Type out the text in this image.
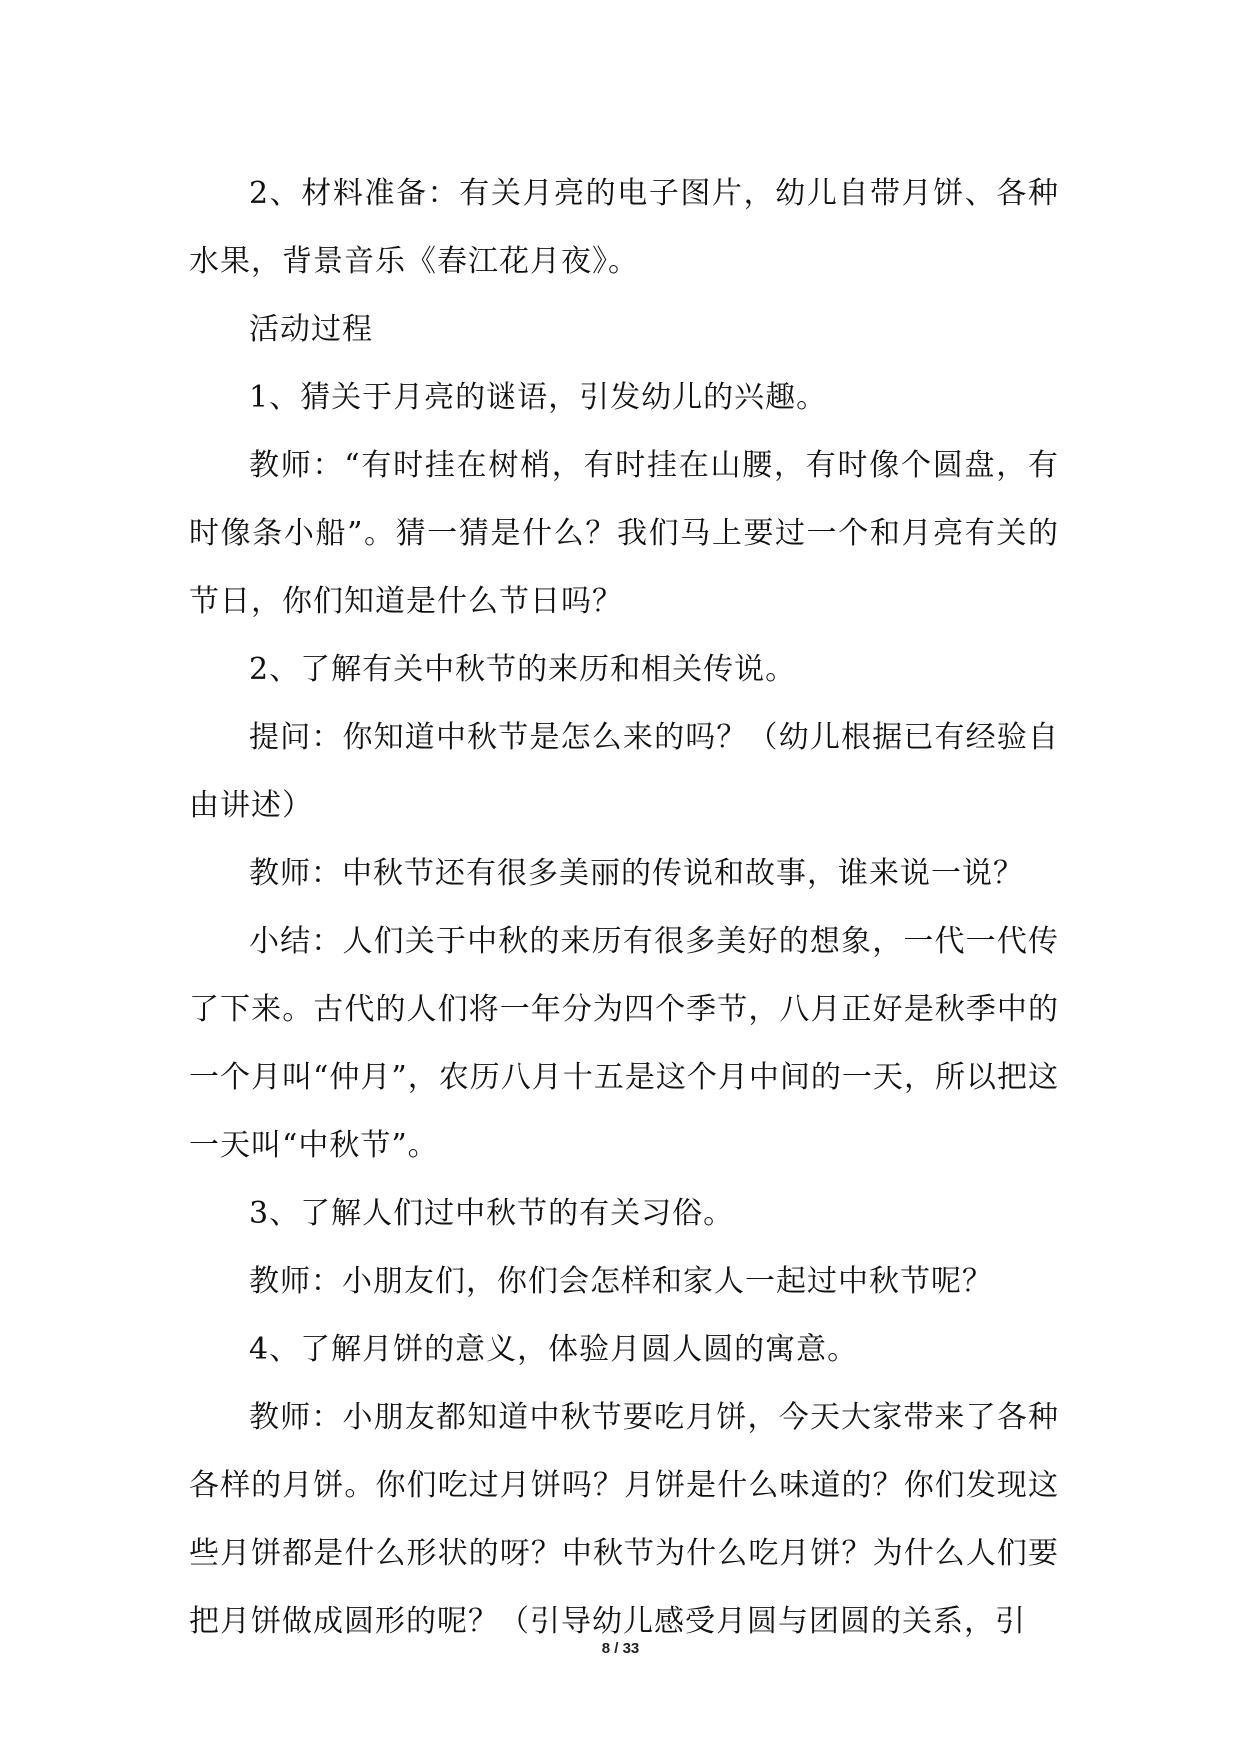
2、材料准备：有关月亮的电子图片，幼儿自带月饼、各种水果，背景音乐《春江花月夜》。

活动过程

1、猜关于月亮的谜语，引发幼儿的兴趣。

教师：“有时挂在树梢，有时挂在山腰，有时像个圆盘，有时像条小船”。猜一猜是什么？我们马上要过一个和月亮有关的节日，你们知道是什么节日吗？

2、了解有关中秋节的来历和相关传说。

提问：你知道中秋节是怎么来的吗？（幼儿根据已有经验自由讲述）

教师：中秋节还有很多美丽的传说和故事，谁来说一说？

小结：人们关于中秋的来历有很多美好的想象，一代一代传了下来。古代的人们将一年分为四个季节，八月正好是秋季中的一个月叫“仲月”，农历八月十五是这个月中间的一天，所以把这一天叫“中秋节”。

3、了解人们过中秋节的有关习俗。

教师：小朋友们，你们会怎样和家人一起过中秋节呢？

4、了解月饼的意义，体验月圆人圆的寓意。

教师：小朋友都知道中秋节要吃月饼，今天大家带来了各种各样的月饼。你们吃过月饼吗？月饼是什么味道的？你们发现这些月饼都是什么形状的呀？中秋节为什么吃月饼？为什么人们要把月饼做成圆形的呢？（引导幼儿感受月圆与团圆的关系，引

8 / 33
